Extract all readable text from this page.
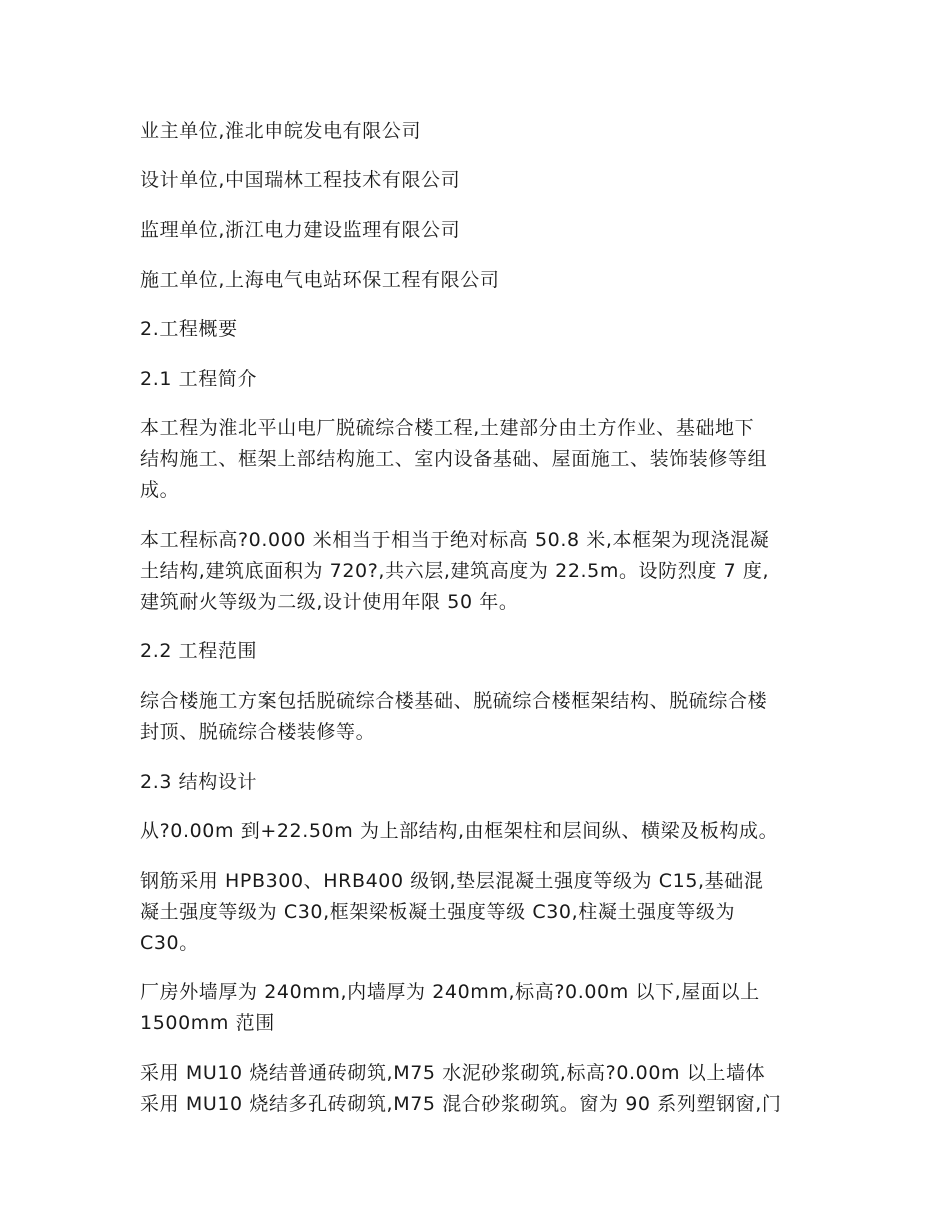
业主单位,淮北申皖发电有限公司

设计单位,中国瑞林工程技术有限公司

监理单位,浙江电力建设监理有限公司

施工单位,上海电气电站环保工程有限公司

2.工程概要

2.1 工程简介

本工程为淮北平山电厂脱硫综合楼工程,土建部分由土方作业、基础地下
结构施工、框架上部结构施工、室内设备基础、屋面施工、装饰装修等组
成。

本工程标高?0.000 米相当于相当于绝对标高 50.8 米,本框架为现浇混凝
土结构,建筑底面积为 720?,共六层,建筑高度为 22.5m。设防烈度 7 度,
建筑耐火等级为二级,设计使用年限 50 年。

2.2 工程范围

综合楼施工方案包括脱硫综合楼基础、脱硫综合楼框架结构、脱硫综合楼
封顶、脱硫综合楼装修等。

2.3 结构设计

从?0.00m 到+22.50m 为上部结构,由框架柱和层间纵、横梁及板构成。

钢筋采用 HPB300、HRB400 级钢,垫层混凝土强度等级为 C15,基础混
凝土强度等级为 C30,框架梁板凝土强度等级 C30,柱凝土强度等级为
C30。

厂房外墙厚为 240mm,内墙厚为 240mm,标高?0.00m 以下,屋面以上
1500mm 范围

采用 MU10 烧结普通砖砌筑,M75 水泥砂浆砌筑,标高?0.00m 以上墙体
采用 MU10 烧结多孔砖砌筑,M75 混合砂浆砌筑。窗为 90 系列塑钢窗,门
